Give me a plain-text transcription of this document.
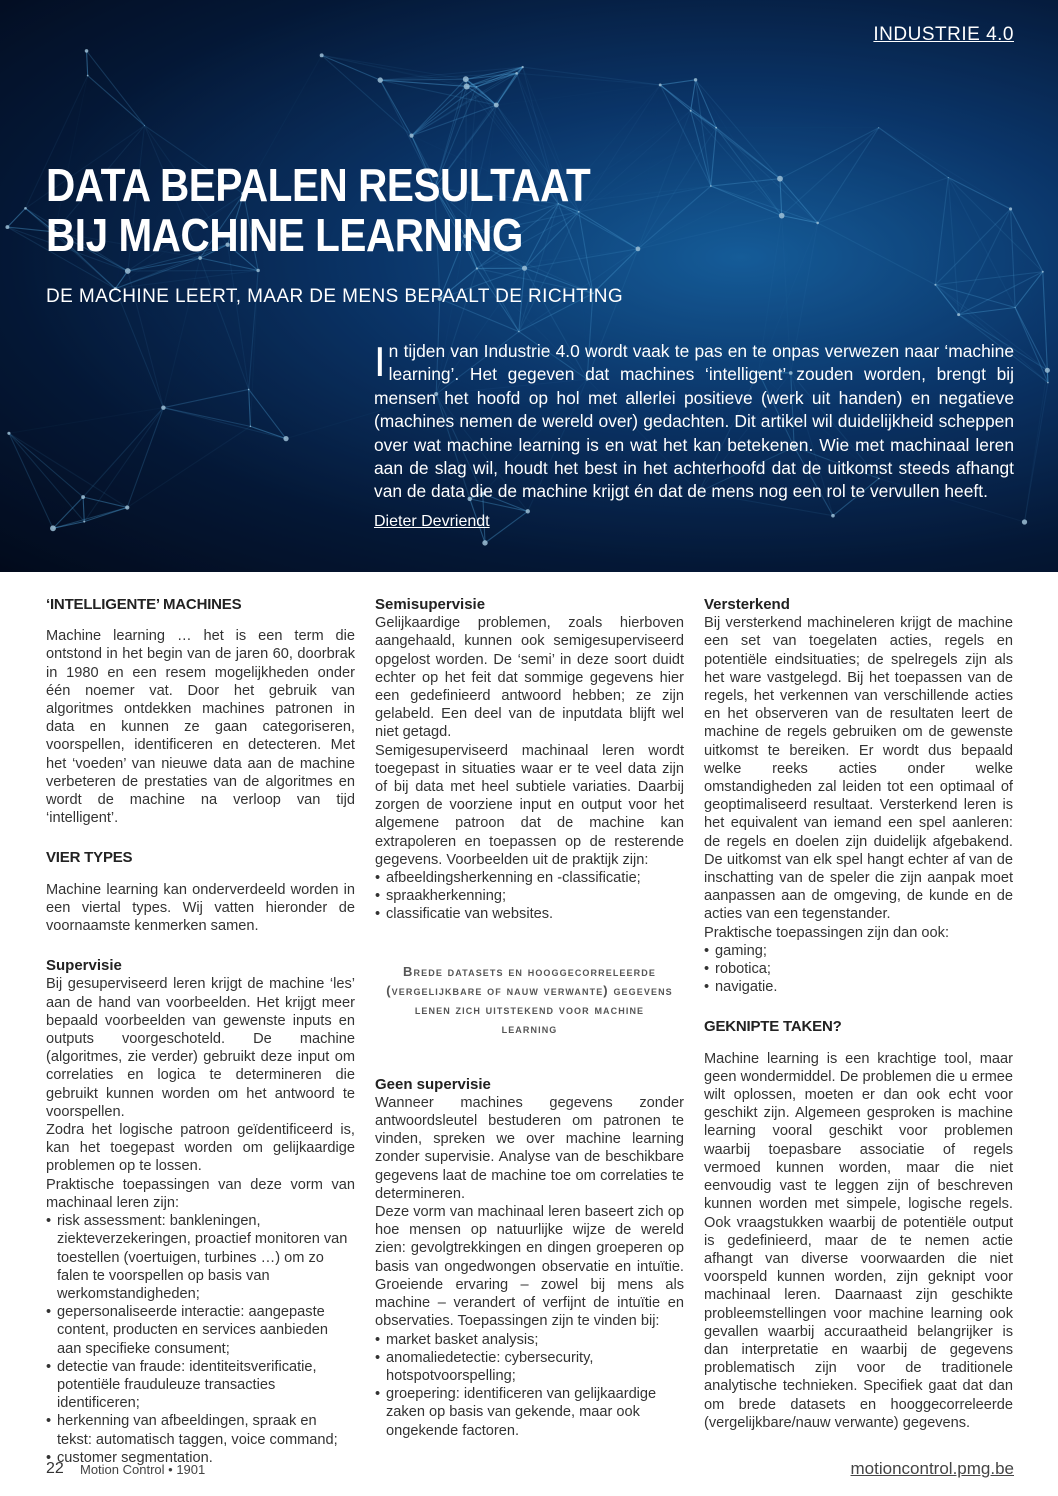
INDUSTRIE 4.0
DATA BEPALEN RESULTAAT
BIJ MACHINE LEARNING
DE MACHINE LEERT, MAAR DE MENS BEPAALT DE RICHTING
In tijden van Industrie 4.0 wordt vaak te pas en te onpas verwezen naar ‘machine learning’. Het gegeven dat machines ‘intelligent’ zouden worden, brengt bij mensen het hoofd op hol met allerlei positieve (werk uit handen) en negatieve (machines nemen de wereld over) gedachten. Dit artikel wil duidelijkheid scheppen over wat machine learning is en wat het kan betekenen. Wie met machinaal leren aan de slag wil, houdt het best in het achterhoofd dat de uitkomst steeds afhangt van de data die de machine krijgt én dat de mens nog een rol te vervullen heeft.
Dieter Devriendt
‘INTELLIGENTE’ MACHINES

Machine learning … het is een term die ontstond in het begin van de jaren 60, doorbrak in 1980 en een resem mogelijkheden onder één noemer vat. Door het gebruik van algoritmes ontdekken machines patronen in data en kunnen ze gaan categoriseren, voorspellen, identificeren en detecteren. Met het ‘voeden’ van nieuwe data aan de machine verbeteren de prestaties van de algoritmes en wordt de machine na verloop van tijd ‘intelligent’.

VIER TYPES

Machine learning kan onderverdeeld worden in een viertal types. Wij vatten hieronder de voornaamste kenmerken samen.

Supervisie

Bij gesuperviseerd leren krijgt de machine ‘les’ aan de hand van voorbeelden. Het krijgt meer bepaald voorbeelden van gewenste inputs en outputs voorgeschoteld. De machine (algoritmes, zie verder) gebruikt deze input om correlaties en logica te determineren die gebruikt kunnen worden om het antwoord te voorspellen.

Zodra het logische patroon geïdentificeerd is, kan het toegepast worden om gelijkaardige problemen op te lossen.

Praktische toepassingen van deze vorm van machinaal leren zijn:

• risk assessment: bankleningen, ziekteverzekeringen, proactief monitoren van toestellen (voertuigen, turbines …) om zo falen te voorspellen op basis van werkomstandigheden;
• gepersonaliseerde interactie: aangepaste content, producten en services aanbieden aan specifieke consument;
• detectie van fraude: identiteitsverificatie, potentiële frauduleuze transacties identificeren;
• herkenning van afbeeldingen, spraak en tekst: automatisch taggen, voice command;
• customer segmentation.
Semisupervisie

Gelijkaardige problemen, zoals hierboven aangehaald, kunnen ook semigesuperviseerd opgelost worden. De ‘semi’ in deze soort duidt echter op het feit dat sommige gegevens hier een gedefinieerd antwoord hebben; ze zijn gelabeld. Een deel van de inputdata blijft wel niet getagd.

Semigesuperviseerd machinaal leren wordt toegepast in situaties waar er te veel data zijn of bij data met heel subtiele variaties. Daarbij zorgen de voorziene input en output voor het algemene patroon dat de machine kan extrapoleren en toepassen op de resterende gegevens. Voorbeelden uit de praktijk zijn:

• afbeeldingsherkenning en -classificatie;
• spraakherkenning;
• classificatie van websites.
Brede datasets en hooggecorreleerde (vergelijkbare of nauw verwante) gegevens lenen zich uitstekend voor machine learning
Geen supervisie

Wanneer machines gegevens zonder antwoordsleutel bestuderen om patronen te vinden, spreken we over machine learning zonder supervisie. Analyse van de beschikbare gegevens laat de machine toe om correlaties te determineren.

Deze vorm van machinaal leren baseert zich op hoe mensen op natuurlijke wijze de wereld zien: gevolgtrekkingen en dingen groeperen op basis van ongedwongen observatie en intuïtie. Groeiende ervaring – zowel bij mens als machine – verandert of verfijnt de intuïtie en observaties. Toepassingen zijn te vinden bij:

• market basket analysis;
• anomaliedetectie: cybersecurity, hotspotvoorspelling;
• groepering: identificeren van gelijkaardige zaken op basis van gekende, maar ook ongekende factoren.
Versterkend

Bij versterkend machineleren krijgt de machine een set van toegelaten acties, regels en potentiële eindsituaties; de spelregels zijn als het ware vastgelegd. Bij het toepassen van de regels, het verkennen van verschillende acties en het observeren van de resultaten leert de machine de regels gebruiken om de gewenste uitkomst te bereiken. Er wordt dus bepaald welke reeks acties onder welke omstandigheden zal leiden tot een optimaal of geoptimaliseerd resultaat. Versterkend leren is het equivalent van iemand een spel aanleren: de regels en doelen zijn duidelijk afgebakend. De uitkomst van elk spel hangt echter af van de inschatting van de speler die zijn aanpak moet aanpassen aan de omgeving, de kunde en de acties van een tegenstander.

Praktische toepassingen zijn dan ook:

• gaming;
• robotica;
• navigatie.
GEKNIPTE TAKEN?

Machine learning is een krachtige tool, maar geen wondermiddel. De problemen die u ermee wilt oplossen, moeten er dan ook echt voor geschikt zijn. Algemeen gesproken is machine learning vooral geschikt voor problemen waarbij toepasbare associatie of regels vermoed kunnen worden, maar die niet eenvoudig vast te leggen zijn of beschreven kunnen worden met simpele, logische regels. Ook vraagstukken waarbij de potentiële output is gedefinieerd, maar de te nemen actie afhangt van diverse voorwaarden die niet voorspeld kunnen worden, zijn geknipt voor machinaal leren. Daarnaast zijn geschikte probleemstellingen voor machine learning ook gevallen waarbij accuraatheid belangrijker is dan interpretatie en waarbij de gegevens problematisch zijn voor de traditionele analytische technieken. Specifiek gaat dat dan om brede datasets en hooggecorreleerde (vergelijkbare/nauw verwante) gegevens.

22 Motion Control • 1901	motioncontrol.pmg.be
